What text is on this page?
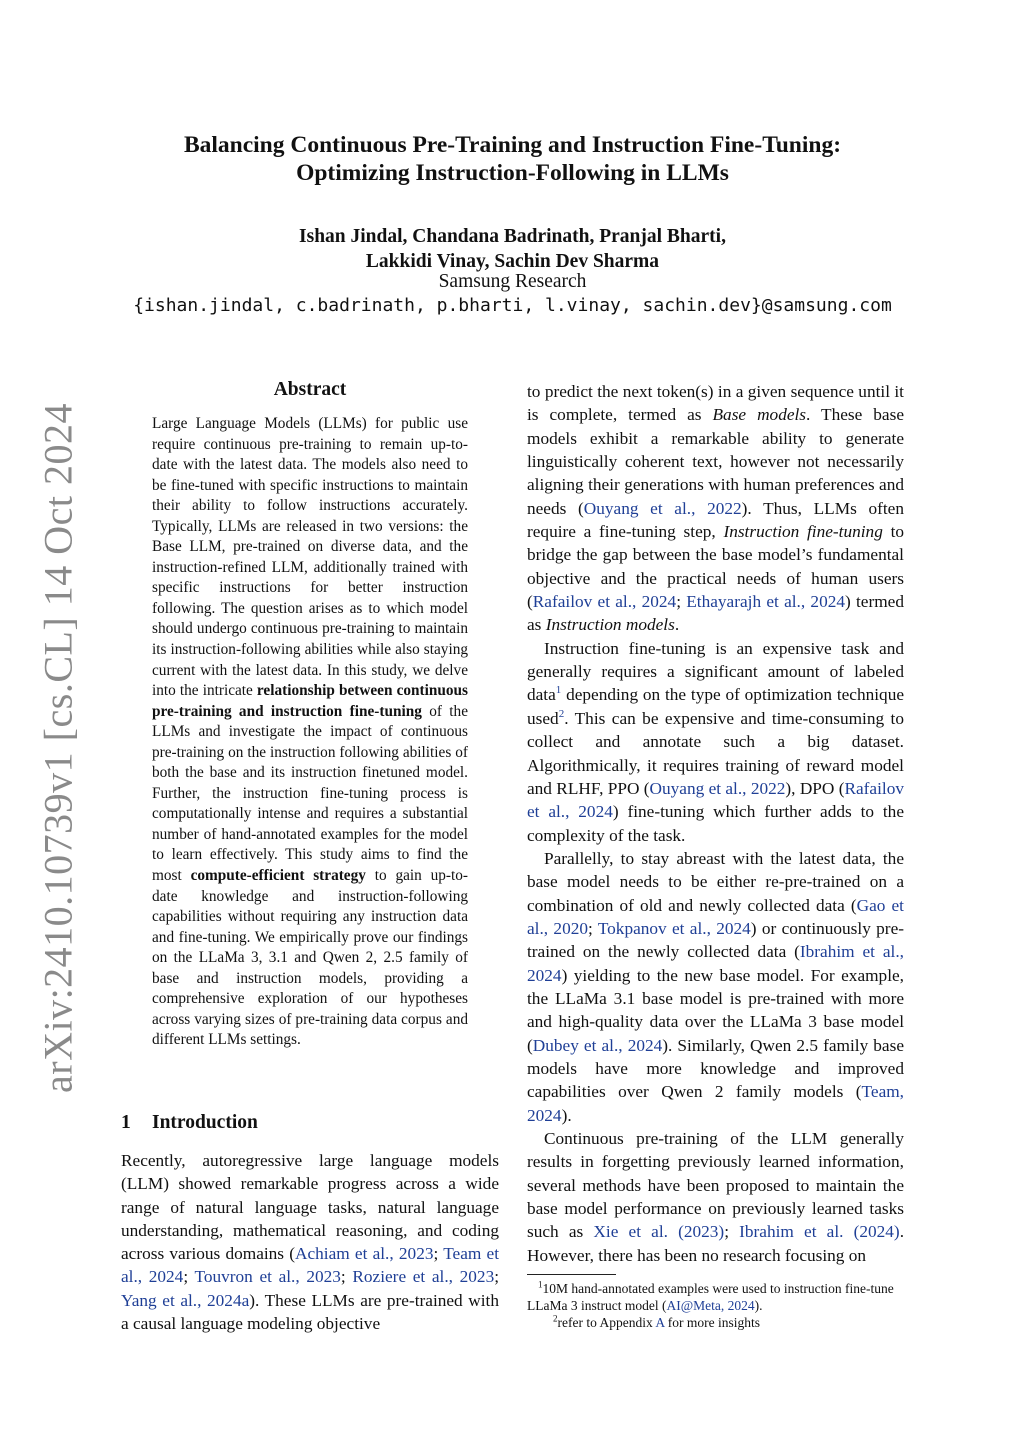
arXiv:2410.10739v1 [cs.CL] 14 Oct 2024
Balancing Continuous Pre-Training and Instruction Fine-Tuning:
Optimizing Instruction-Following in LLMs
Ishan Jindal, Chandana Badrinath, Pranjal Bharti,
Lakkidi Vinay, Sachin Dev Sharma
Samsung Research
{ishan.jindal, c.badrinath, p.bharti, l.vinay, sachin.dev}@samsung.com
Abstract
Large Language Models (LLMs) for public use require continuous pre-training to remain up-to-date with the latest data. The models also need to be fine-tuned with specific instructions to maintain their ability to follow instructions accurately. Typically, LLMs are released in two versions: the Base LLM, pre-trained on diverse data, and the instruction-refined LLM, additionally trained with specific instructions for better instruction following. The question arises as to which model should undergo continuous pre-training to maintain its instruction-following abilities while also staying current with the latest data. In this study, we delve into the intricate relationship between continuous pre-training and instruction fine-tuning of the LLMs and investigate the impact of continuous pre-training on the instruction following abilities of both the base and its instruction finetuned model. Further, the instruction fine-tuning process is computationally intense and requires a substantial number of hand-annotated examples for the model to learn effectively. This study aims to find the most compute-efficient strategy to gain up-to-date knowledge and instruction-following capabilities without requiring any instruction data and fine-tuning. We empirically prove our findings on the LLaMa 3, 3.1 and Qwen 2, 2.5 family of base and instruction models, providing a comprehensive exploration of our hypotheses across varying sizes of pre-training data corpus and different LLMs settings.
1 Introduction

Recently, autoregressive large language models (LLM) showed remarkable progress across a wide range of natural language tasks, natural language understanding, mathematical reasoning, and coding across various domains (Achiam et al., 2023; Team et al., 2024; Touvron et al., 2023; Roziere et al., 2023; Yang et al., 2024a). These LLMs are pre-trained with a causal language modeling objective

to predict the next token(s) in a given sequence until it is complete, termed as Base models. These base models exhibit a remarkable ability to generate linguistically coherent text, however not necessarily aligning their generations with human preferences and needs (Ouyang et al., 2022). Thus, LLMs often require a fine-tuning step, Instruction fine-tuning to bridge the gap between the base model’s fundamental objective and the practical needs of human users (Rafailov et al., 2024; Ethayarajh et al., 2024) termed as Instruction models.

Instruction fine-tuning is an expensive task and generally requires a significant amount of labeled data$^1$ depending on the type of optimization technique used$^2$. This can be expensive and time-consuming to collect and annotate such a big dataset. Algorithmically, it requires training of reward model and RLHF, PPO (Ouyang et al., 2022), DPO (Rafailov et al., 2024) fine-tuning which further adds to the complexity of the task.

Parallelly, to stay abreast with the latest data, the base model needs to be either re-pre-trained on a combination of old and newly collected data (Gao et al., 2020; Tokpanov et al., 2024) or continuously pre-trained on the newly collected data (Ibrahim et al., 2024) yielding to the new base model. For example, the LLaMa 3.1 base model is pre-trained with more and high-quality data over the LLaMa 3 base model (Dubey et al., 2024). Similarly, Qwen 2.5 family base models have more knowledge and improved capabilities over Qwen 2 family models (Team, 2024).

Continuous pre-training of the LLM generally results in forgetting previously learned information, several methods have been proposed to maintain the base model performance on previously learned tasks such as Xie et al. (2023); Ibrahim et al. (2024). However, there has been no research focusing on

$^1$10M hand-annotated examples were used to instruction fine-tune LLaMa 3 instruct model (AI@Meta, 2024).

$^2$refer to Appendix A for more insights
